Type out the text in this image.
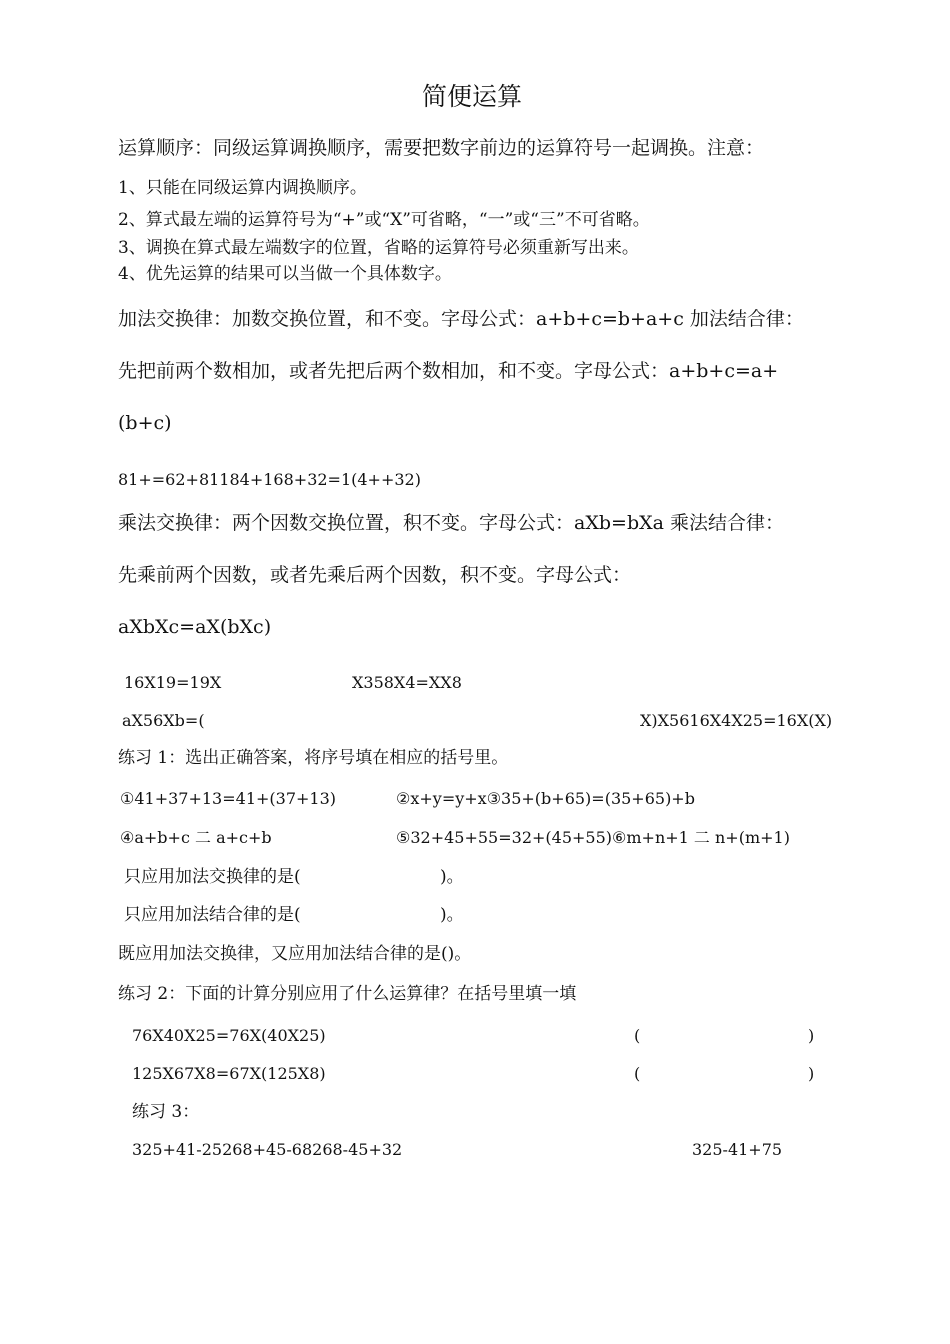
简便运算
运算顺序：同级运算调换顺序，需要把数字前边的运算符号一起调换。注意：
1、只能在同级运算内调换顺序。
2、算式最左端的运算符号为“+”或“X”可省略，“一”或“三”不可省略。
3、调换在算式最左端数字的位置，省略的运算符号必须重新写出来。
4、优先运算的结果可以当做一个具体数字。
加法交换律：加数交换位置，和不变。字母公式：a+b+c=b+a+c 加法结合律：
先把前两个数相加，或者先把后两个数相加，和不变。字母公式：a+b+c=a+
(b+c)
81+=62+81184+168+32=1(4++32)
乘法交换律：两个因数交换位置，积不变。字母公式：aXb=bXa 乘法结合律：
先乘前两个因数，或者先乘后两个因数，积不变。字母公式：
aXbXc=aX(bXc)
16X19=19X	X358X4=XX8
aX56Xb=(	X)X5616X4X25=16X(X)
练习 1：选出正确答案，将序号填在相应的括号里。
①41+37+13=41+(37+13)	②x+y=y+x③35+(b+65)=(35+65)+b
④a+b+c 二 a+c+b	⑤32+45+55=32+(45+55)⑥m+n+1 二 n+(m+1)
只应用加法交换律的是(	)。
只应用加法结合律的是(	)。
既应用加法交换律，又应用加法结合律的是()。
练习 2：下面的计算分别应用了什么运算律？在括号里填一填
76X40X25=76X(40X25)	(	)
125X67X8=67X(125X8)	(	)
练习 3：
325+41-25268+45-68268-45+32	325-41+75
